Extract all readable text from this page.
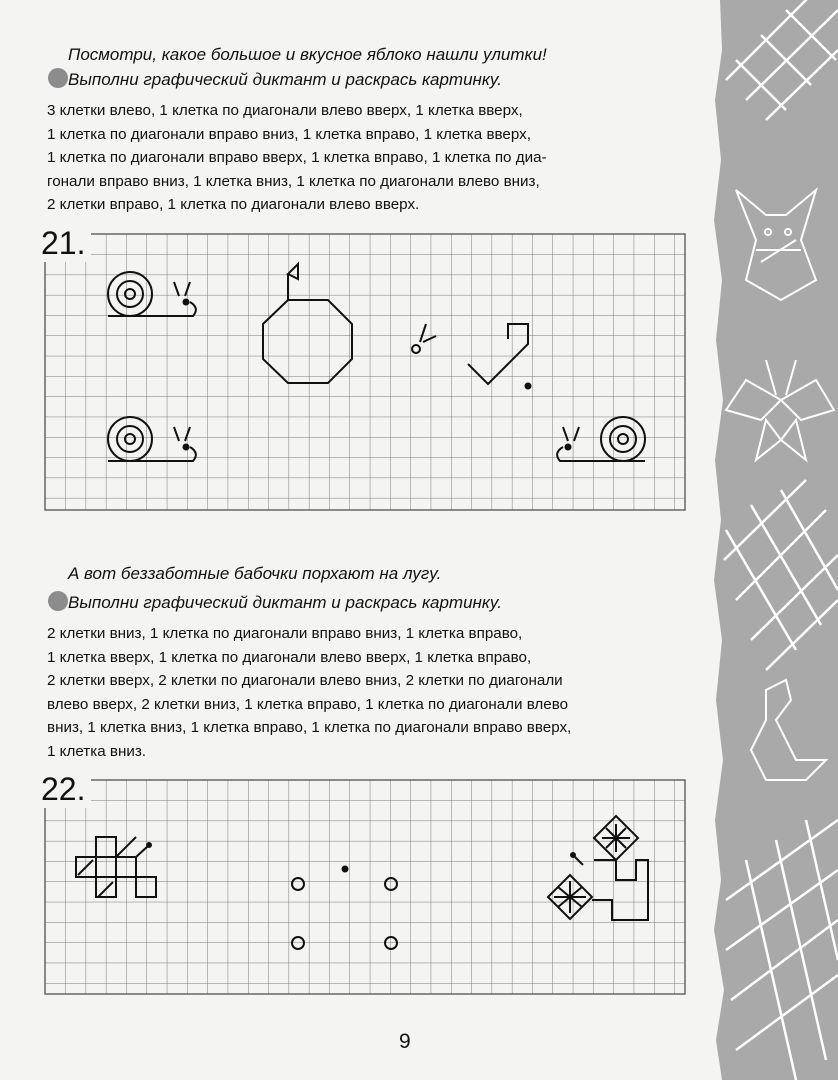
Посмотри, какое большое и вкусное яблоко нашли улитки!
Выполни графический диктант и раскрась картинку.
3 клетки влево, 1 клетка по диагонали влево вверх, 1 клетка вверх,
1 клетка по диагонали вправо вниз, 1 клетка вправо, 1 клетка вверх,
1 клетка по диагонали вправо вверх, 1 клетка вправо, 1 клетка по диа-
гонали вправо вниз, 1 клетка вниз, 1 клетка по диагонали влево вниз,
2 клетки вправо, 1 клетка по диагонали влево вверх.
21.
А вот беззаботные бабочки порхают на лугу.
Выполни графический диктант и раскрась картинку.
2 клетки вниз, 1 клетка по диагонали вправо вниз, 1 клетка вправо,
1 клетка вверх, 1 клетка по диагонали влево вверх, 1 клетка вправо,
2 клетки вверх, 2 клетки по диагонали влево вниз, 2 клетки по диагонали
влево вверх, 2 клетки вниз, 1 клетка вправо, 1 клетка по диагонали влево
вниз, 1 клетка вниз, 1 клетка вправо, 1 клетка по диагонали вправо вверх,
1 клетка вниз.
22.
9
